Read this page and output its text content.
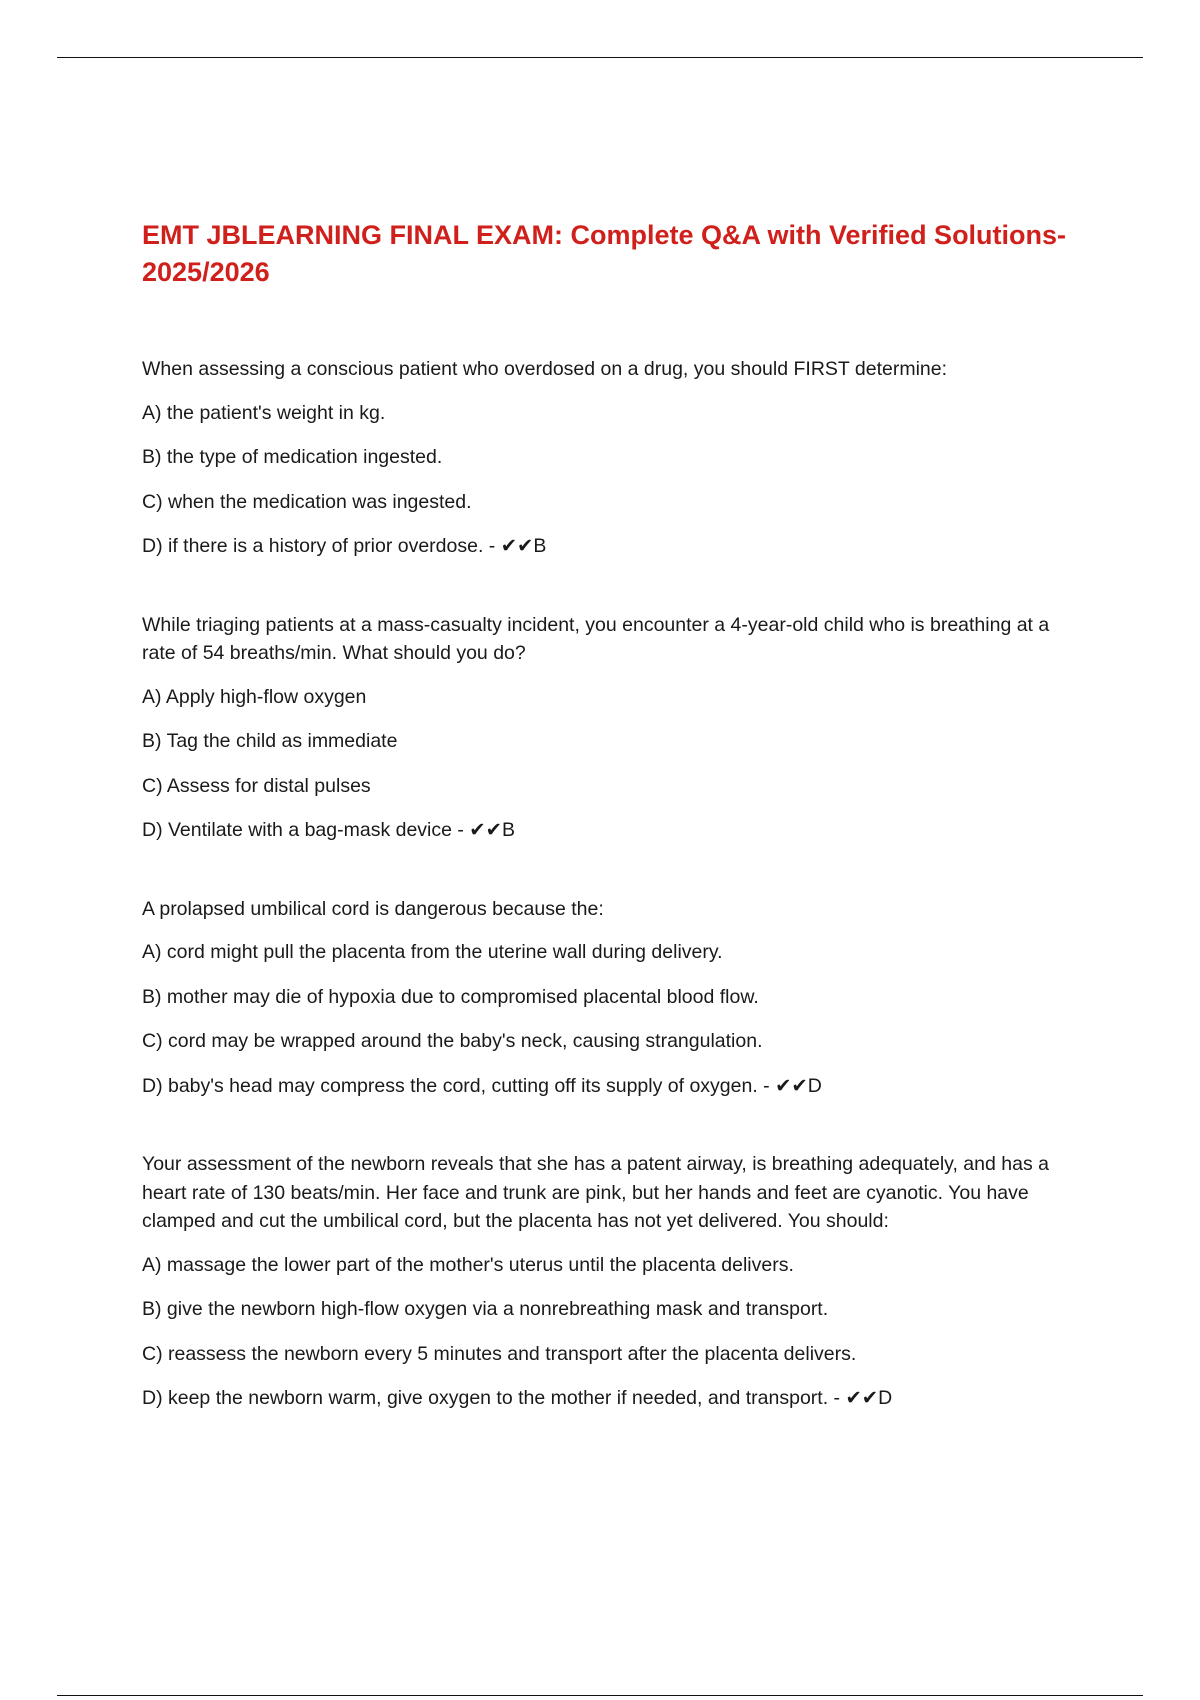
EMT JBLEARNING FINAL EXAM: Complete Q&A with Verified Solutions-2025/2026

When assessing a conscious patient who overdosed on a drug, you should FIRST determine:

A) the patient's weight in kg.

B) the type of medication ingested.

C) when the medication was ingested.

D) if there is a history of prior overdose. - ✔✔B

While triaging patients at a mass-casualty incident, you encounter a 4-year-old child who is breathing at a rate of 54 breaths/min. What should you do?

A) Apply high-flow oxygen

B) Tag the child as immediate

C) Assess for distal pulses

D) Ventilate with a bag-mask device - ✔✔B

A prolapsed umbilical cord is dangerous because the:

A) cord might pull the placenta from the uterine wall during delivery.

B) mother may die of hypoxia due to compromised placental blood flow.

C) cord may be wrapped around the baby's neck, causing strangulation.

D) baby's head may compress the cord, cutting off its supply of oxygen. - ✔✔D

Your assessment of the newborn reveals that she has a patent airway, is breathing adequately, and has a heart rate of 130 beats/min. Her face and trunk are pink, but her hands and feet are cyanotic. You have clamped and cut the umbilical cord, but the placenta has not yet delivered. You should:

A) massage the lower part of the mother's uterus until the placenta delivers.

B) give the newborn high-flow oxygen via a nonrebreathing mask and transport.

C) reassess the newborn every 5 minutes and transport after the placenta delivers.

D) keep the newborn warm, give oxygen to the mother if needed, and transport. - ✔✔D
